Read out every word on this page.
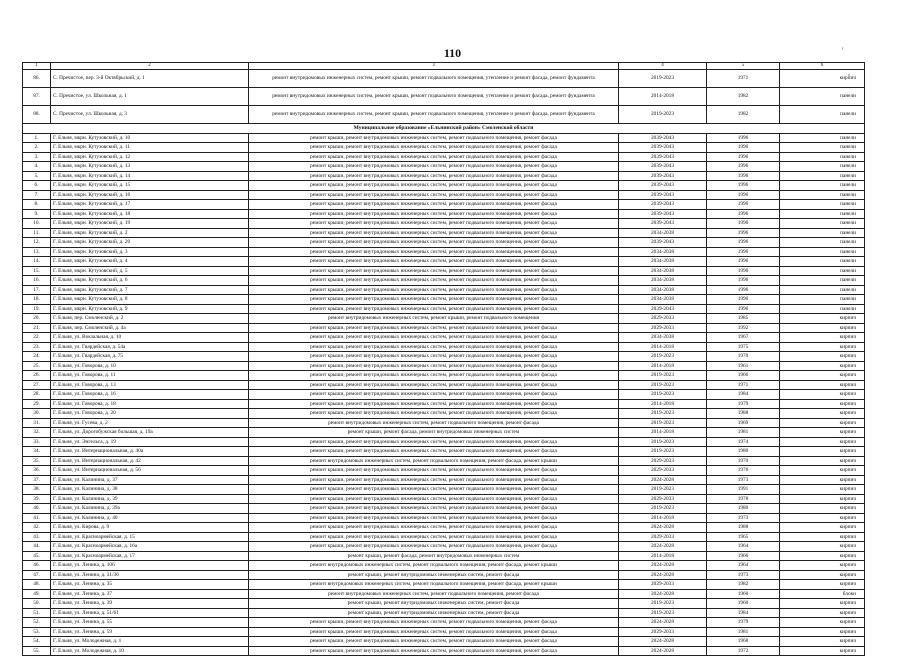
110	'
,
1	2	3	4	5	6
86.	С. Пречистое, пер. 3-й Октябрьский, д. 1	ремонт внутридомовых инженерных систем, ремонт крыши, ремонт подвального помещения, утепление и ремонт фасада, ремонт фундамента	2019-2023	1971	кирпич
87.	С. Пречистое, ул. Школьная, д. 1	ремонт внутридомовых инженерных систем, ремонт крыши, ремонт подвального помещения, утепление и ремонт фасада, ремонт фундамента	2014-2018	1982	панели
88.	С. Пречистое, ул. Школьная, д. 3	ремонт внутридомовых инженерных систем, ремонт крыши, ремонт подвального помещения, утепление и ремонт фасада, ремонт фундамента	2019-2023	1982	панели
Муниципальное образование «Ельнинский район» Смоленской области					
1.	Г. Ельня, мкрн. Кутузовский, д. 10	ремонт крыши, ремонт внутридомовых инженерных систем, ремонт подвального помещения, ремонт фасада	2039-2043	1996	панели
2.	Г. Ельня, мкрн. Кутузовский, д. 11	ремонт крыши, ремонт внутридомовых инженерных систем, ремонт подвального помещения, ремонт фасада	2039-2043	1996	панели
3.	Г. Ельня, мкрн. Кутузовский, д. 12	ремонт крыши, ремонт внутридомовых инженерных систем, ремонт подвального помещения, ремонт фасада	2039-2043	1996	панели
4.	Г. Ельня, мкрн. Кутузовский, д. 13	ремонт крыши, ремонт внутридомовых инженерных систем, ремонт подвального помещения, ремонт фасада	2039-2043	1996	панели
5.	Г. Ельня, мкрн. Кутузовский, д. 14	ремонт крыши, ремонт внутридомовых инженерных систем, ремонт подвального помещения, ремонт фасада	2039-2043	1996	панели
6.	Г. Ельня, мкрн. Кутузовский, д. 15	ремонт крыши, ремонт внутридомовых инженерных систем, ремонт подвального помещения, ремонт фасада	2039-2043	1996	панели
7.	Г. Ельня, мкрн. Кутузовский, д. 16	ремонт крыши, ремонт внутридомовых инженерных систем, ремонт подвального помещения, ремонт фасада	2039-2043	1996	панели
8.	Г. Ельня, мкрн. Кутузовский, д. 17	ремонт крыши, ремонт внутридомовых инженерных систем, ремонт подвального помещения, ремонт фасада	2039-2043	1996	панели
9.	Г. Ельня, мкрн. Кутузовский, д. 18	ремонт крыши, ремонт внутридомовых инженерных систем, ремонт подвального помещения, ремонт фасада	2039-2043	1996	панели
10.	Г. Ельня, мкрн. Кутузовский, д. 19	ремонт крыши, ремонт внутридомовых инженерных систем, ремонт подвального помещения, ремонт фасада	2039-2043	1996	панели
11.	Г. Ельня, мкрн. Кутузовский, д. 2	ремонт крыши, ремонт внутридомовых инженерных систем, ремонт подвального помещения, ремонт фасада	2034-2038	1996	панели
12.	Г. Ельня, мкрн. Кутузовский, д. 20	ремонт крыши, ремонт внутридомовых инженерных систем, ремонт подвального помещения, ремонт фасада	2039-2043	1996	панели
13.	Г. Ельня, мкрн. Кутузовский, д. 3	ремонт крыши, ремонт внутридомовых инженерных систем, ремонт подвального помещения, ремонт фасада	2034-2038	1996	панели
14.	Г. Ельня, мкрн. Кутузовский, д. 4	ремонт крыши, ремонт внутридомовых инженерных систем, ремонт подвального помещения, ремонт фасада	2034-2038	1996	панели
15.	Г. Ельня, мкрн. Кутузовский, д. 5	ремонт крыши, ремонт внутридомовых инженерных систем, ремонт подвального помещения, ремонт фасада	2034-2038	1996	панели
16.	Г. Ельня, мкрн. Кутузовский, д. 6	ремонт крыши, ремонт внутридомовых инженерных систем, ремонт подвального помещения, ремонт фасада	2034-2038	1996	панели
17.	Г. Ельня, мкрн. Кутузовский, д. 7	ремонт крыши, ремонт внутридомовых инженерных систем, ремонт подвального помещения, ремонт фасада	2034-2038	1996	панели
18.	Г. Ельня, мкрн. Кутузовский, д. 8	ремонт крыши, ремонт внутридомовых инженерных систем, ремонт подвального помещения, ремонт фасада	2034-2038	1996	панели
19.	Г. Ельня, мкрн. Кутузовский, д. 9	ремонт крыши, ремонт внутридомовых инженерных систем, ремонт подвального помещения, ремонт фасада	2039-2043	1996	панели
20.	Г. Ельня, пер. Смоленский, д. 2	ремонт внутридомовых инженерных систем, ремонт крыши, ремонт подвального помещения	2029-2033	1985	кирпич
21.	Г. Ельня, пер. Смоленский, д. 4а	ремонт крыши, ремонт внутридомовых инженерных систем, ремонт подвального помещения, ремонт фасада	2029-2033	1992	кирпич
22.	Г. Ельня, ул. Вокзальная, д. 10	ремонт крыши, ремонт внутридомовых инженерных систем, ремонт подвального помещения, ремонт фасада	2034-2038	1967	кирпич
23.	Г. Ельня, ул. Гвардейская, д. 54а	ремонт крыши, ремонт внутридомовых инженерных систем, ремонт подвального помещения, ремонт фасада	2014-2018	1975	кирпич
24.	Г. Ельня, ул. Гвардейская, д. 75	ремонт крыши, ремонт внутридомовых инженерных систем, ремонт подвального помещения, ремонт фасада	2019-2023	1970	кирпич
25.	Г. Ельня, ул. Говорова, д. 10	ремонт крыши, ремонт внутридомовых инженерных систем, ремонт подвального помещения, ремонт фасада	2014-2018	1961	кирпич
26.	Г. Ельня, ул. Говорова, д. 11	ремонт крыши, ремонт внутридомовых инженерных систем, ремонт подвального помещения, ремонт фасада	2019-2023	1966	кирпич
27.	Г. Ельня, ул. Говорова, д. 13	ремонт крыши, ремонт внутридомовых инженерных систем, ремонт подвального помещения, ремонт фасада	2019-2023	1971	кирпич
28.	Г. Ельня, ул. Говорова, д. 16	ремонт крыши, ремонт внутридомовых инженерных систем, ремонт подвального помещения, ремонт фасада	2019-2023	1984	кирпич
29.	Г. Ельня, ул. Говорова, д. 18	ремонт крыши, ремонт внутридомовых инженерных систем, ремонт подвального помещения, ремонт фасада	2014-2018	1979	кирпич
30.	Г. Ельня, ул. Говорова, д. 20	ремонт крыши, ремонт внутридомовых инженерных систем, ремонт подвального помещения, ремонт фасада	2019-2023	1988	кирпич
31.	Г. Ельня, ул. Гусева, д. 2	ремонт внутридомовых инженерных систем, ремонт подвального помещения, ремонт фасада	2019-2023	1969	кирпич
32.	Г. Ельня, ул. Дорогобужская большая, д. 19а	ремонт крыши, ремонт фасада, ремонт внутридомовых инженерных систем	2014-2018	1981	кирпич
33.	Г. Ельня, ул. Энгельса, д. 19	ремонт крыши, ремонт внутридомовых инженерных систем, ремонт подвального помещения, ремонт фасада	2019-2023	1974	кирпич
34.	Г. Ельня, ул. Интернациональная, д. 40а	ремонт крыши, ремонт внутридомовых инженерных систем, ремонт подвального помещения, ремонт фасада	2019-2023	1980	кирпич
35.	Г. Ельня, ул. Интернациональная, д. 42	ремонт внутридомовых инженерных систем, ремонт подвального помещения, ремонт фасада, ремонт крыши	2029-2033	1970	кирпич
36.	Г. Ельня, ул. Интернациональная, д. 56	ремонт крыши, ремонт внутридомовых инженерных систем, ремонт подвального помещения, ремонт фасада	2029-2033	1976	кирпич
37.	Г. Ельня, ул. Калинина, д. 37	ремонт крыши, ремонт внутридомовых инженерных систем, ремонт подвального помещения, ремонт фасада	2024-2028	1973	кирпич
38.	Г. Ельня, ул. Калинина, д. 38	ремонт крыши, ремонт внутридомовых инженерных систем, ремонт подвального помещения, ремонт фасада	2019-2023	1991	кирпич
39.	Г. Ельня, ул. Калинина, д. 39	ремонт крыши, ремонт внутридомовых инженерных систем, ремонт подвального помещения, ремонт фасада	2029-2033	1978	кирпич
40.	Г. Ельня, ул. Калинина, д. 39а	ремонт крыши, ремонт внутридомовых инженерных систем, ремонт подвального помещения, ремонт фасада	2019-2023	1980	кирпич
41.	Г. Ельня, ул. Калинина, д. 40	ремонт крыши, ремонт внутридомовых инженерных систем, ремонт подвального помещения, ремонт фасада	2014-2018	1973	кирпич
42.	Г. Ельня, ул. Кирова, д. 9	ремонт крыши, ремонт внутридомовых инженерных систем, ремонт подвального помещения, ремонт фасада	2024-2028	1988	кирпич
43.	Г. Ельня, ул. Красноармейская, д. 15	ремонт крыши, ремонт внутридомовых инженерных систем, ремонт подвального помещения, ремонт фасада	2029-2033	1965	кирпич
44.	Г. Ельня, ул. Красноармейская, д. 16а	ремонт крыши, ремонт внутридомовых инженерных систем, ремонт подвального помещения, ремонт фасада	2024-2028	1964	кирпич
45.	Г. Ельня, ул. Красноармейская, д. 17	ремонт крыши, ремонт фасада, ремонт внутридомовых инженерных систем	2014-2018	1966	кирпич
46.	Г. Ельня, ул. Ленина, д. 106	ремонт внутридомовых инженерных систем, ремонт подвального помещения, ремонт фасада, ремонт крыши	2024-2028	1964	кирпич
47.	Г. Ельня, ул. Ленина, д. 31/36	ремонт крыши, ремонт внутридомовых инженерных систем, ремонт фасада	2024-2028	1973	кирпич
48.	Г. Ельня, ул. Ленина, д. 35	ремонт внутридомовых инженерных систем, ремонт подвального помещения, ремонт фасада, ремонт крыши	2029-2033	1982	кирпич
49.	Г. Ельня, ул. Ленина, д. 37	ремонт внутридомовых инженерных систем, ремонт подвального помещения, ремонт фасада	2024-2028	1960	блоки
50.	Г. Ельня, ул. Ленина, д. 39	ремонт крыши, ремонт внутридомовых инженерных систем, ремонт фасада	2019-2023	1960	кирпич
51.	Г. Ельня, ул. Ленина, д. 51/61	ремонт крыши, ремонт внутридомовых инженерных систем, ремонт фасада	2019-2023	1984	кирпич
52.	Г. Ельня, ул. Ленина, д. 55	ремонт крыши, ремонт внутридомовых инженерных систем, ремонт подвального помещения, ремонт фасада	2024-2028	1979	кирпич
53.	Г. Ельня, ул. Ленина, д. 59	ремонт крыши, ремонт внутридомовых инженерных систем, ремонт подвального помещения, ремонт фасада	2029-2033	1981	кирпич
54.	Г. Ельня, ул. Молодежная, д. 1	ремонт крыши, ремонт внутридомовых инженерных систем, ремонт подвального помещения, ремонт фасада	2024-2028	1968	кирпич
55.	Г. Ельня, ул. Молодежная, д. 10	ремонт крыши, ремонт внутридомовых инженерных систем, ремонт подвального помещения, ремонт фасада	2024-2028	1972	кирпич
